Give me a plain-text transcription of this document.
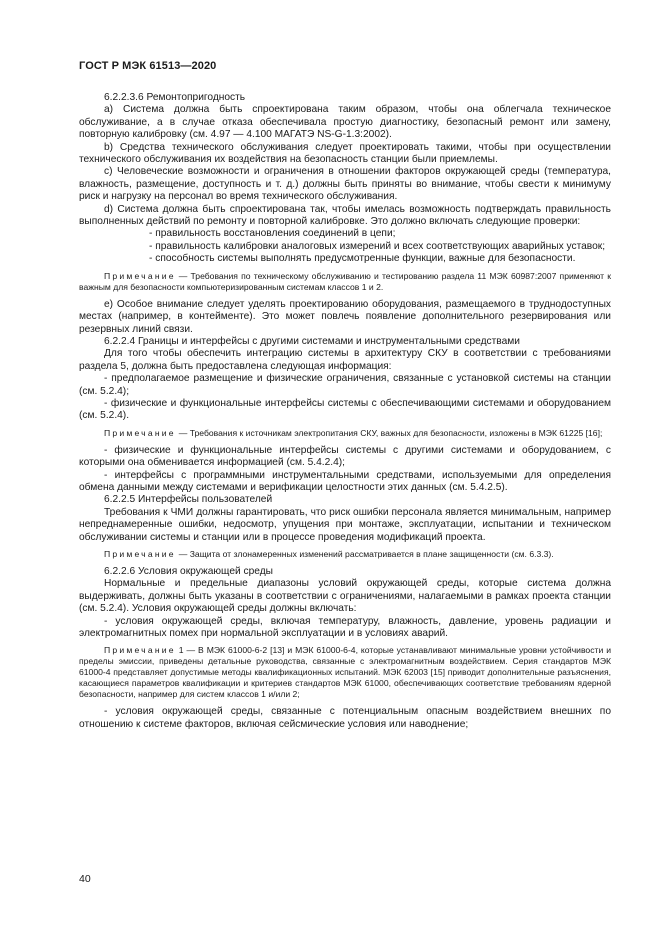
ГОСТ Р МЭК 61513—2020

6.2.2.3.6 Ремонтопригодность

a) Система должна быть спроектирована таким образом, чтобы она облегчала техническое обслуживание, а в случае отказа обеспечивала простую диагностику, безопасный ремонт или замену, повторную калибровку (см. 4.97 — 4.100 МАГАТЭ NS-G-1.3:2002).

b) Средства технического обслуживания следует проектировать такими, чтобы при осуществлении технического обслуживания их воздействия на безопасность станции были приемлемы.

c) Человеческие возможности и ограничения в отношении факторов окружающей среды (температура, влажность, размещение, доступность и т. д.) должны быть приняты во внимание, чтобы свести к минимуму риск и нагрузку на персонал во время технического обслуживания.

d) Система должна быть спроектирована так, чтобы имелась возможность подтверждать правильность выполненных действий по ремонту и повторной калибровке. Это должно включать следующие проверки:

- правильность восстановления соединений в цепи;

- правильность калибровки аналоговых измерений и всех соответствующих аварийных уставок;

- способность системы выполнять предусмотренные функции, важные для безопасности.

Примечание — Требования по техническому обслуживанию и тестированию раздела 11 МЭК 60987:2007 применяют к важным для безопасности компьютеризированным системам классов 1 и 2.

e) Особое внимание следует уделять проектированию оборудования, размещаемого в труднодоступных местах (например, в контейменте). Это может повлечь появление дополнительного резервирования или резервных линий связи.

6.2.2.4 Границы и интерфейсы с другими системами и инструментальными средствами

Для того чтобы обеспечить интеграцию системы в архитектуру СКУ в соответствии с требованиями раздела 5, должна быть предоставлена следующая информация:

- предполагаемое размещение и физические ограничения, связанные с установкой системы на станции (см. 5.2.4);

- физические и функциональные интерфейсы системы с обеспечивающими системами и оборудованием (см. 5.2.4).

Примечание — Требования к источникам электропитания СКУ, важных для безопасности, изложены в МЭК 61225 [16];

- физические и функциональные интерфейсы системы с другими системами и оборудованием, с которыми она обменивается информацией (см. 5.4.2.4);

- интерфейсы с программными инструментальными средствами, используемыми для определения обмена данными между системами и верификации целостности этих данных (см. 5.4.2.5).

6.2.2.5 Интерфейсы пользователей

Требования к ЧМИ должны гарантировать, что риск ошибки персонала является минимальным, например непреднамеренные ошибки, недосмотр, упущения при монтаже, эксплуатации, испытании и техническом обслуживании системы и станции или в процессе проведения модификаций проекта.

Примечание — Защита от злонамеренных изменений рассматривается в плане защищенности (см. 6.3.3).

6.2.2.6 Условия окружающей среды

Нормальные и предельные диапазоны условий окружающей среды, которые система должна выдерживать, должны быть указаны в соответствии с ограничениями, налагаемыми в рамках проекта станции (см. 5.2.4). Условия окружающей среды должны включать:

- условия окружающей среды, включая температуру, влажность, давление, уровень радиации и электромагнитных помех при нормальной эксплуатации и в условиях аварий.

Примечание 1 — В МЭК 61000-6-2 [13] и МЭК 61000-6-4, которые устанавливают минимальные уровни устойчивости и пределы эмиссии, приведены детальные руководства, связанные с электромагнитным воздействием. Серия стандартов МЭК 61000-4 представляет допустимые методы квалификационных испытаний. МЭК 62003 [15] приводит дополнительные разъяснения, касающиеся параметров квалификации и критериев стандартов МЭК 61000, обеспечивающих соответствие требованиям ядерной безопасности, например для систем классов 1 и/или 2;

- условия окружающей среды, связанные с потенциальным опасным воздействием внешних по отношению к системе факторов, включая сейсмические условия или наводнение;

40
